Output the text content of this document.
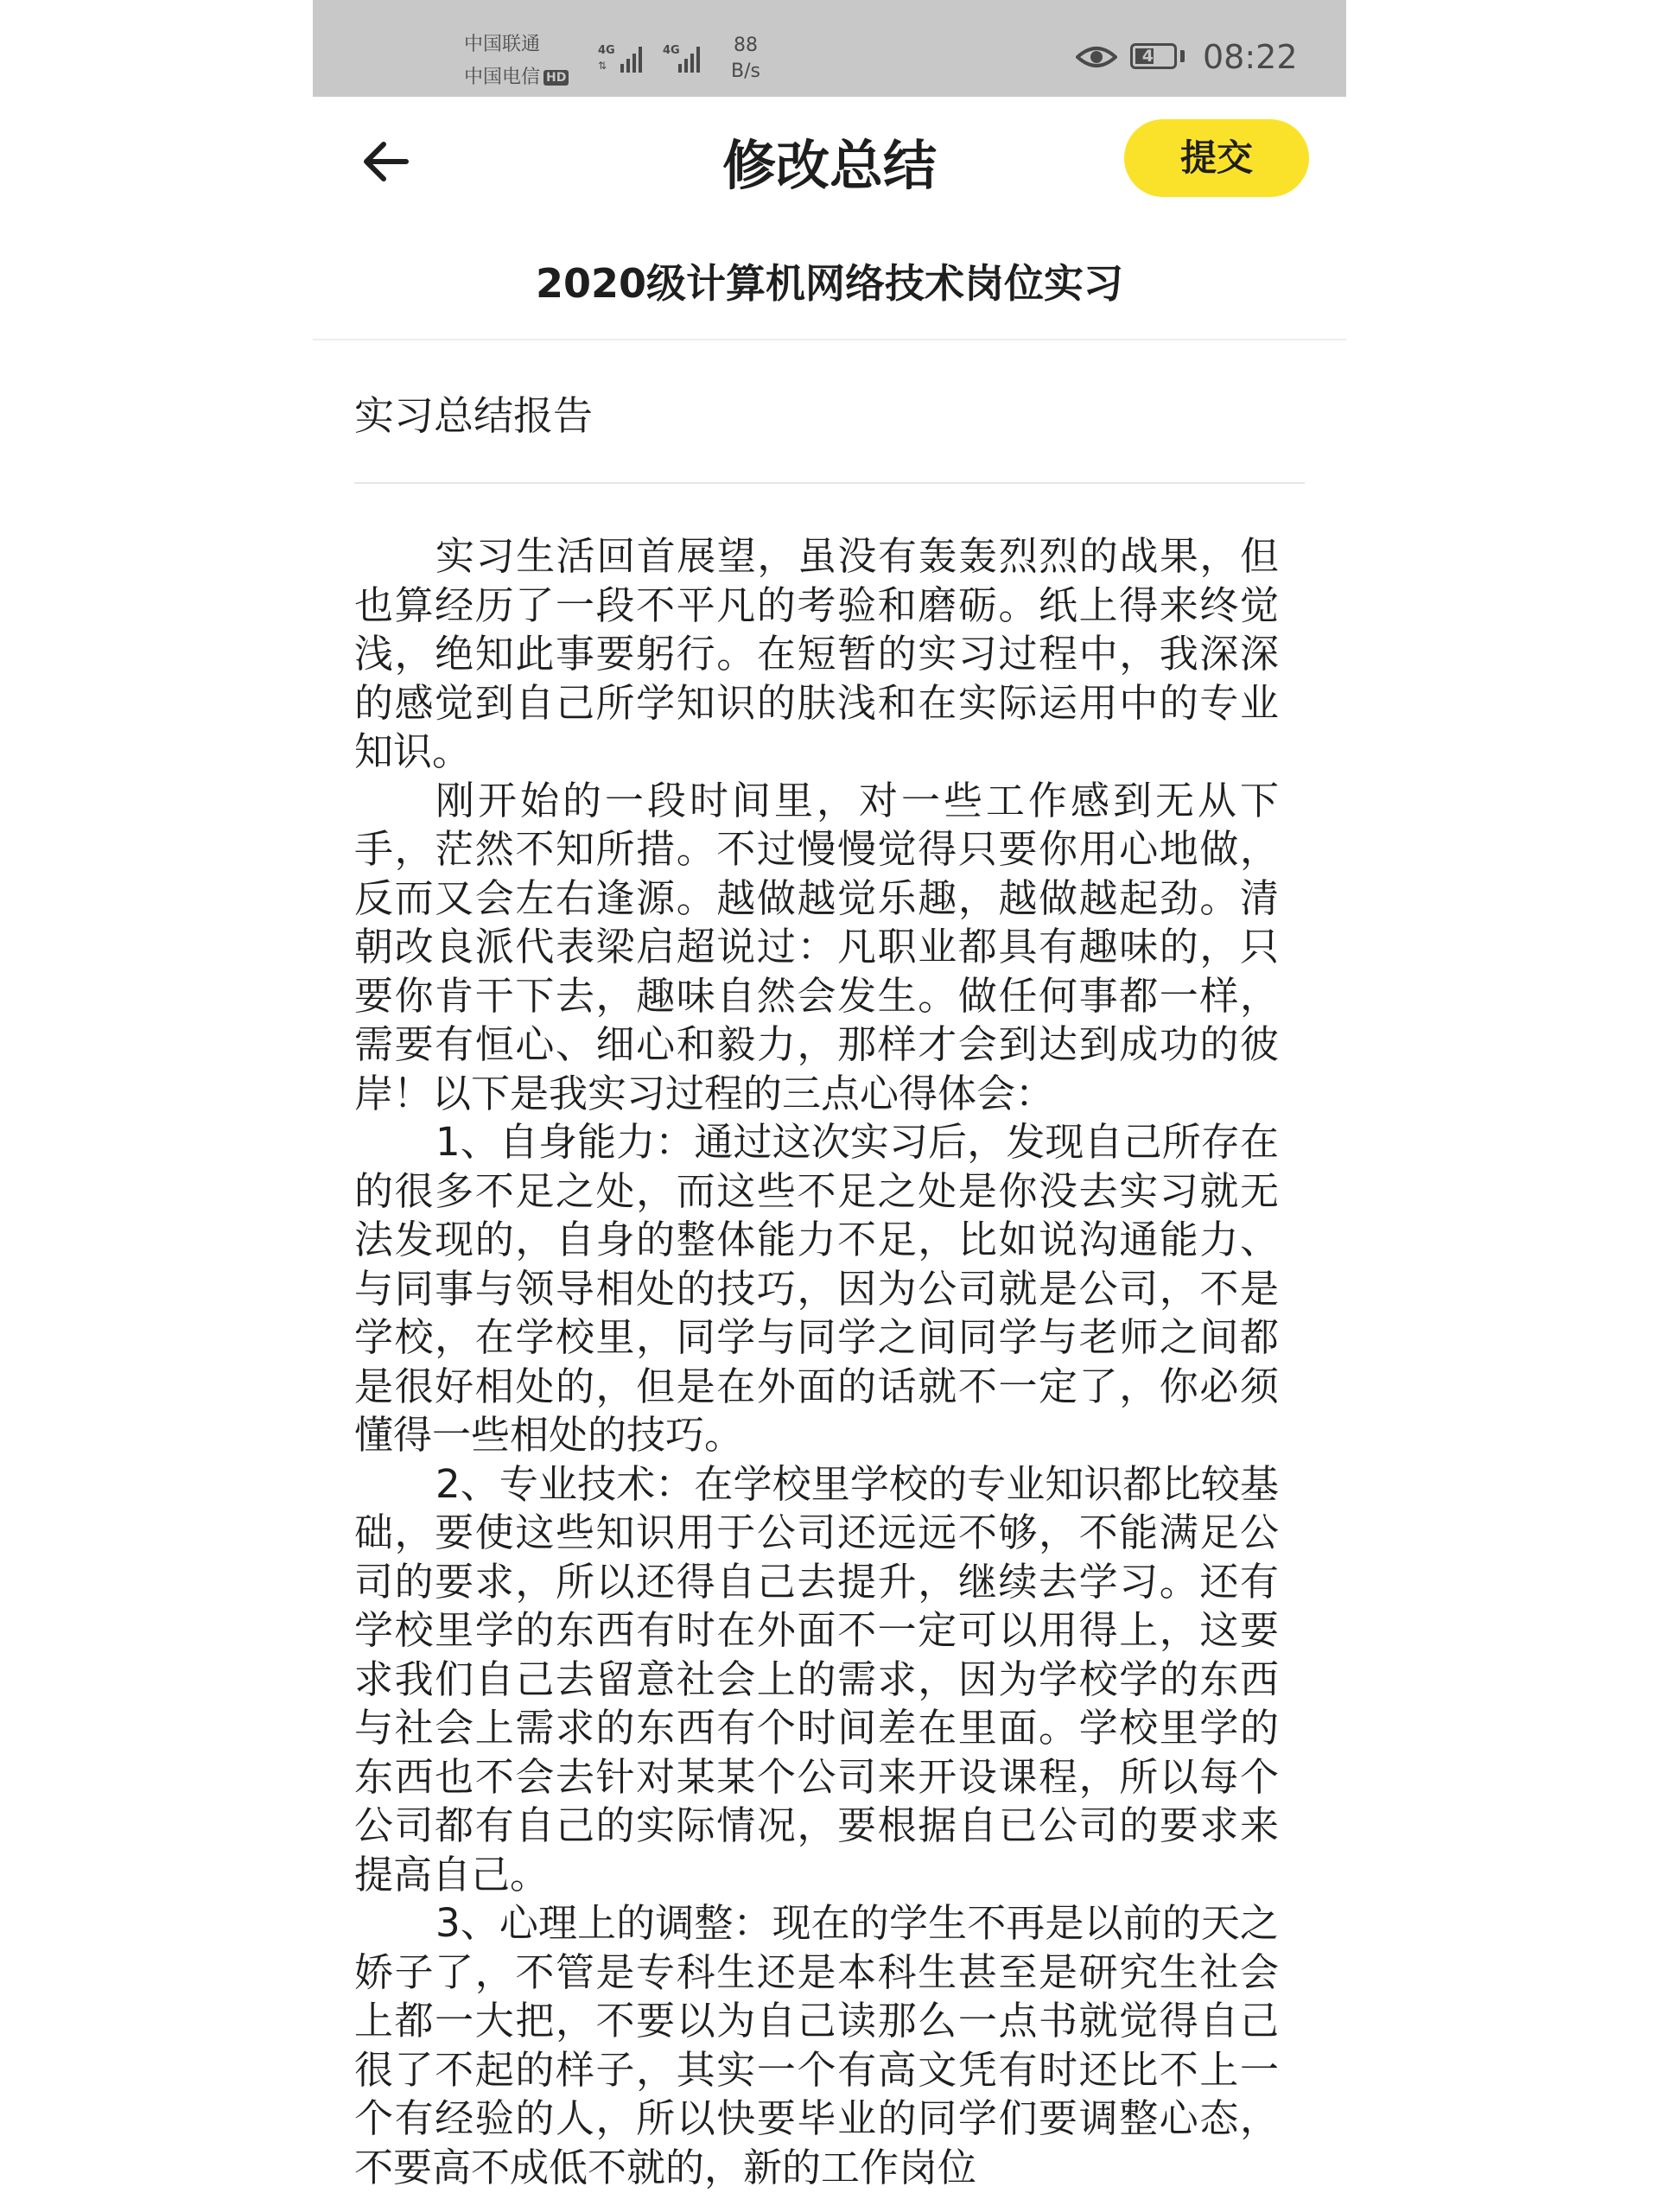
中国联通
中国电信 HD
4G
⇅
4G	88
B/s
49 08:22
修改总结	提交
2020级计算机网络技术岗位实习
实习总结报告

实习生活回首展望，虽没有轰轰烈烈的战果，但也算经历了一段不平凡的考验和磨砺。纸上得来终觉浅，绝知此事要躬行。在短暂的实习过程中，我深深的感觉到自己所学知识的肤浅和在实际运用中的专业知识。

刚开始的一段时间里，对一些工作感到无从下手，茫然不知所措。不过慢慢觉得只要你用心地做，反而又会左右逢源。越做越觉乐趣，越做越起劲。清朝改良派代表梁启超说过：凡职业都具有趣味的，只要你肯干下去，趣味自然会发生。做任何事都一样，需要有恒心、细心和毅力，那样才会到达到成功的彼岸！以下是我实习过程的三点心得体会：

1、自身能力：通过这次实习后，发现自己所存在的很多不足之处，而这些不足之处是你没去实习就无法发现的，自身的整体能力不足，比如说沟通能力、与同事与领导相处的技巧，因为公司就是公司，不是学校，在学校里，同学与同学之间同学与老师之间都是很好相处的，但是在外面的话就不一定了，你必须懂得一些相处的技巧。

2、专业技术：在学校里学校的专业知识都比较基础，要使这些知识用于公司还远远不够，不能满足公司的要求，所以还得自己去提升，继续去学习。还有学校里学的东西有时在外面不一定可以用得上，这要求我们自己去留意社会上的需求，因为学校学的东西与社会上需求的东西有个时间差在里面。学校里学的东西也不会去针对某某个公司来开设课程，所以每个公司都有自己的实际情况，要根据自已公司的要求来提高自己。

3、心理上的调整：现在的学生不再是以前的天之娇子了，不管是专科生还是本科生甚至是研究生社会上都一大把，不要以为自己读那么一点书就觉得自己很了不起的样子，其实一个有高文凭有时还比不上一个有经验的人，所以快要毕业的同学们要调整心态，不要高不成低不就的，新的工作岗位
